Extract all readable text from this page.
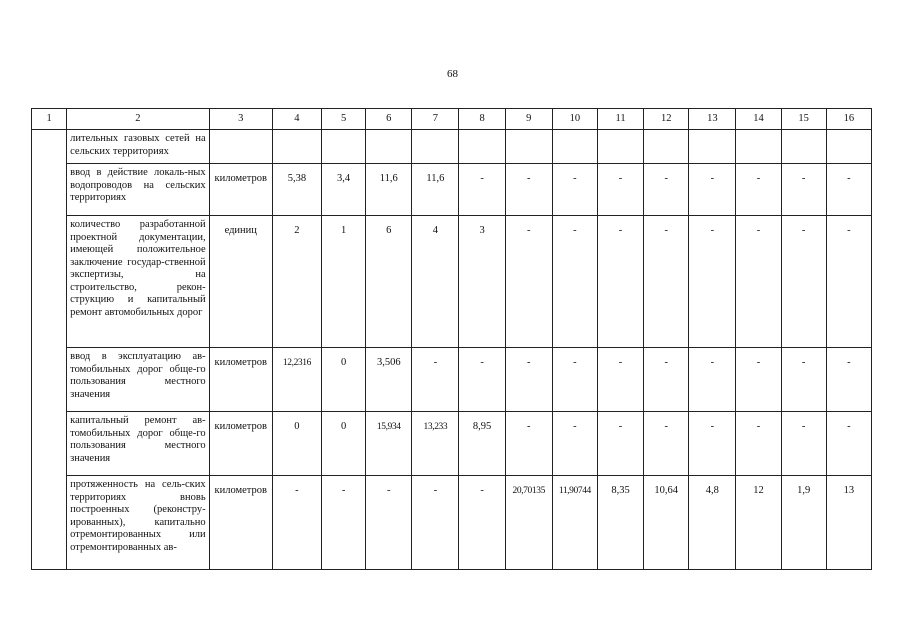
68
1	2	3	4	5	6	7	8	9	10	11	12	13	14	15	16
	лительных газовых сетей на сельских территориях														
	ввод в действие локаль-ных водопроводов на сельских территориях	километров	5,38	3,4	11,6	11,6	-	-	-	-	-	-	-	-	-
	количество разработанной проектной документации, имеющей положительное заключение государ-ственной экспертизы, на строительство, рекон-струкцию и капитальный ремонт автомобильных дорог	единиц	2	1	6	4	3	-	-	-	-	-	-	-	-
	ввод в эксплуатацию ав-томобильных дорог обще-го пользования местного значения	километров	12,2316	0	3,506	-	-	-	-	-	-	-	-	-	-
	капитальный ремонт ав-томобильных дорог обще-го пользования местного значения	километров	0	0	15,934	13,233	8,95	-	-	-	-	-	-	-	-
	протяженность на сель-ских территориях вновь построенных (реконстру-ированных), капитально отремонтированных или отремонтированных ав-	километров	-	-	-	-	-	20,70135	11,90744	8,35	10,64	4,8	12	1,9	13
